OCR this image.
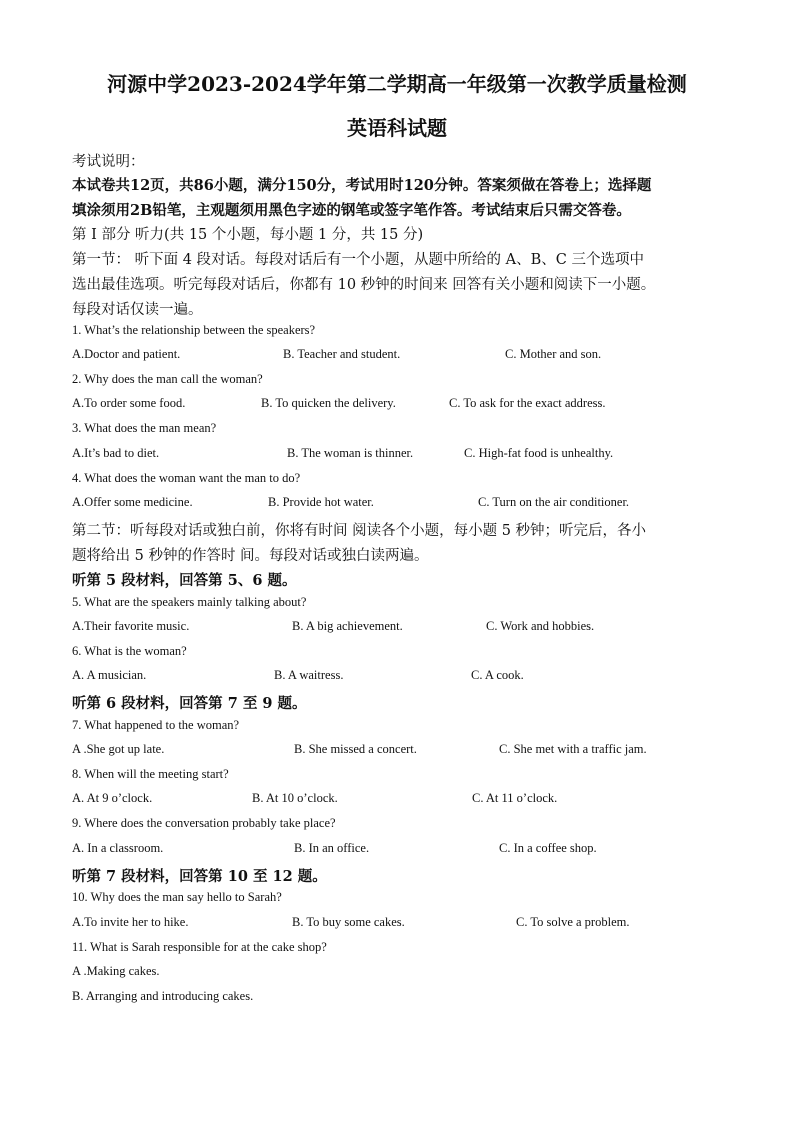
河源中学2023-2024学年第二学期高一年级第一次教学质量检测
英语科试题
考试说明：
本试卷共12页，共86小题，满分150分，考试用时120分钟。答案须做在答卷上；选择题
填涂须用2B铅笔，主观题须用黑色字迹的钢笔或签字笔作答。考试结束后只需交答卷。
第 I 部分 听力(共 15 个小题，每小题 1 分，共 15 分)
第一节： 听下面 4 段对话。每段对话后有一个小题，从题中所给的 A、B、C 三个选项中
选出最佳选项。听完每段对话后，你都有 10 秒钟的时间来 回答有关小题和阅读下一小题。
每段对话仅读一遍。
1. What’s the relationship between the speakers?
A.Doctor and patient.	B. Teacher and student.	C. Mother and son.
2. Why does the man call the woman?
A.To order some food.	B. To quicken the delivery.	C. To ask for the exact address.
3. What does the man mean?
A.It’s bad to diet.	B. The woman is thinner.	C. High-fat food is unhealthy.
4. What does the woman want the man to do?
A.Offer some medicine.	B. Provide hot water.	C. Turn on the air conditioner.
第二节：听每段对话或独白前，你将有时间 阅读各个小题，每小题 5 秒钟；听完后，各小
题将给出 5 秒钟的作答时 间。每段对话或独白读两遍。
听第 5 段材料，回答第 5、6 题。
5. What are the speakers mainly talking about?
A.Their favorite music.	B. A big achievement.	C. Work and hobbies.
6. What is the woman?
A. A musician.	B. A waitress.	C. A cook.
听第 6 段材料，回答第 7 至 9 题。
7. What happened to the woman?
A .She got up late.	B. She missed a concert.	C. She met with a traffic jam.
8. When will the meeting start?
A. At 9 o’clock.	B. At 10 o’clock.	C. At 11 o’clock.
9. Where does the conversation probably take place?
A. In a classroom.	B. In an office.	C. In a coffee shop.
听第 7 段材料，回答第 10 至 12 题。
10. Why does the man say hello to Sarah?
A.To invite her to hike.	B. To buy some cakes.	C. To solve a problem.
11. What is Sarah responsible for at the cake shop?
A .Making cakes.
B. Arranging and introducing cakes.
